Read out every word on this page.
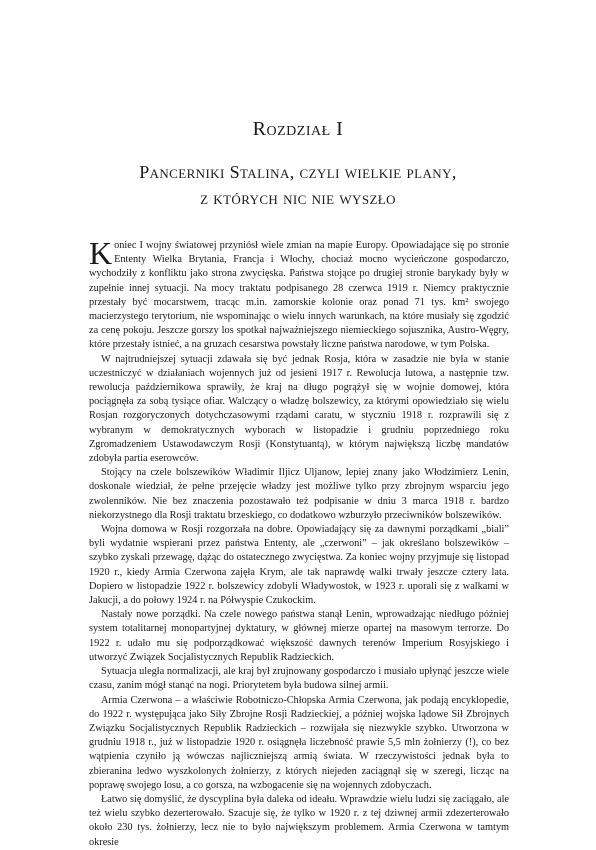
Rozdział I
Pancerniki Stalina, czyli wielkie plany,
z których nic nie wyszło

Koniec I wojny światowej przyniósł wiele zmian na mapie Europy. Opowiadające się po stronie Ententy Wielka Brytania, Francja i Włochy, chociaż mocno wycieńczone gospodarczo, wychodziły z konfliktu jako strona zwycięska. Państwa stojące po drugiej stronie barykady były w zupełnie innej sytuacji. Na mocy traktatu podpisanego 28 czerwca 1919 r. Niemcy praktycznie przestały być mocarstwem, tracąc m.in. zamorskie kolonie oraz ponad 71 tys. km² swojego macierzystego terytorium, nie wspominając o wielu innych warunkach, na które musiały się zgodzić za cenę pokoju. Jeszcze gorszy los spotkał najważniejszego niemieckiego sojusznika, Austro-Węgry, które przestały istnieć, a na gruzach cesarstwa powstały liczne państwa narodowe, w tym Polska.

W najtrudniejszej sytuacji zdawała się być jednak Rosja, która w zasadzie nie była w stanie uczestniczyć w działaniach wojennych już od jesieni 1917 r. Rewolucja lutowa, a następnie tzw. rewolucja październikowa sprawiły, że kraj na długo pogrążył się w wojnie domowej, która pociągnęła za sobą tysiące ofiar. Walczący o władzę bolszewicy, za którymi opowiedziało się wielu Rosjan rozgoryczonych dotychczasowymi rządami caratu, w styczniu 1918 r. rozprawili się z wybranym w demokratycznych wyborach w listopadzie i grudniu poprzedniego roku Zgromadzeniem Ustawodawczym Rosji (Konstytuantą), w którym największą liczbę mandatów zdobyła partia eserowców.

Stojący na czele bolszewików Władimir Iljicz Uljanow, lepiej znany jako Włodzimierz Lenin, doskonale wiedział, że pełne przejęcie władzy jest możliwe tylko przy zbrojnym wsparciu jego zwolenników. Nie bez znaczenia pozostawało też podpisanie w dniu 3 marca 1918 r. bardzo niekorzystnego dla Rosji traktatu brzeskiego, co dodatkowo wzburzyło przeciwników bolszewików.

Wojna domowa w Rosji rozgorzała na dobre. Opowiadający się za dawnymi porządkami „biali” byli wydatnie wspierani przez państwa Ententy, ale „czerwoni” – jak określano bolszewików – szybko zyskali przewagę, dążąc do ostatecznego zwycięstwa. Za koniec wojny przyjmuje się listopad 1920 r., kiedy Armia Czerwona zajęła Krym, ale tak naprawdę walki trwały jeszcze cztery lata. Dopiero w listopadzie 1922 r. bolszewicy zdobyli Władywostok, w 1923 r. uporali się z walkami w Jakucji, a do połowy 1924 r. na Półwyspie Czukockim.

Nastały nowe porządki. Na czele nowego państwa stanął Lenin, wprowadzając niedługo później system totalitarnej monopartyjnej dyktatury, w głównej mierze opartej na masowym terrorze. Do 1922 r. udało mu się podporządkować większość dawnych terenów Imperium Rosyjskiego i utworzyć Związek Socjalistycznych Republik Radzieckich.

Sytuacja uległa normalizacji, ale kraj był zrujnowany gospodarczo i musiało upłynąć jeszcze wiele czasu, zanim mógł stanąć na nogi. Priorytetem była budowa silnej armii.

Armia Czerwona – a właściwie Robotniczo-Chłopska Armia Czerwona, jak podają encyklopedie, do 1922 r. występująca jako Siły Zbrojne Rosji Radzieckiej, a później wojska lądowe Sił Zbrojnych Związku Socjalistycznych Republik Radzieckich – rozwijała się niezwykle szybko. Utworzona w grudniu 1918 r., już w listopadzie 1920 r. osiągnęła liczebność prawie 5,5 mln żołnierzy (!), co bez wątpienia czyniło ją wówczas najliczniejszą armią świata. W rzeczywistości jednak była to zbieranina ledwo wyszkolonych żołnierzy, z których niejeden zaciągnął się w szeregi, licząc na poprawę swojego losu, a co gorsza, na wzbogacenie się na wojennych zdobyczach.

Łatwo się domyślić, że dyscyplina była daleka od ideału. Wprawdzie wielu ludzi się zaciągało, ale też wielu szybko dezerterowało. Szacuje się, że tylko w 1920 r. z tej dziwnej armii zdezerterowało około 230 tys. żołnierzy, lecz nie to było największym problemem. Armia Czerwona w tamtym okresie
